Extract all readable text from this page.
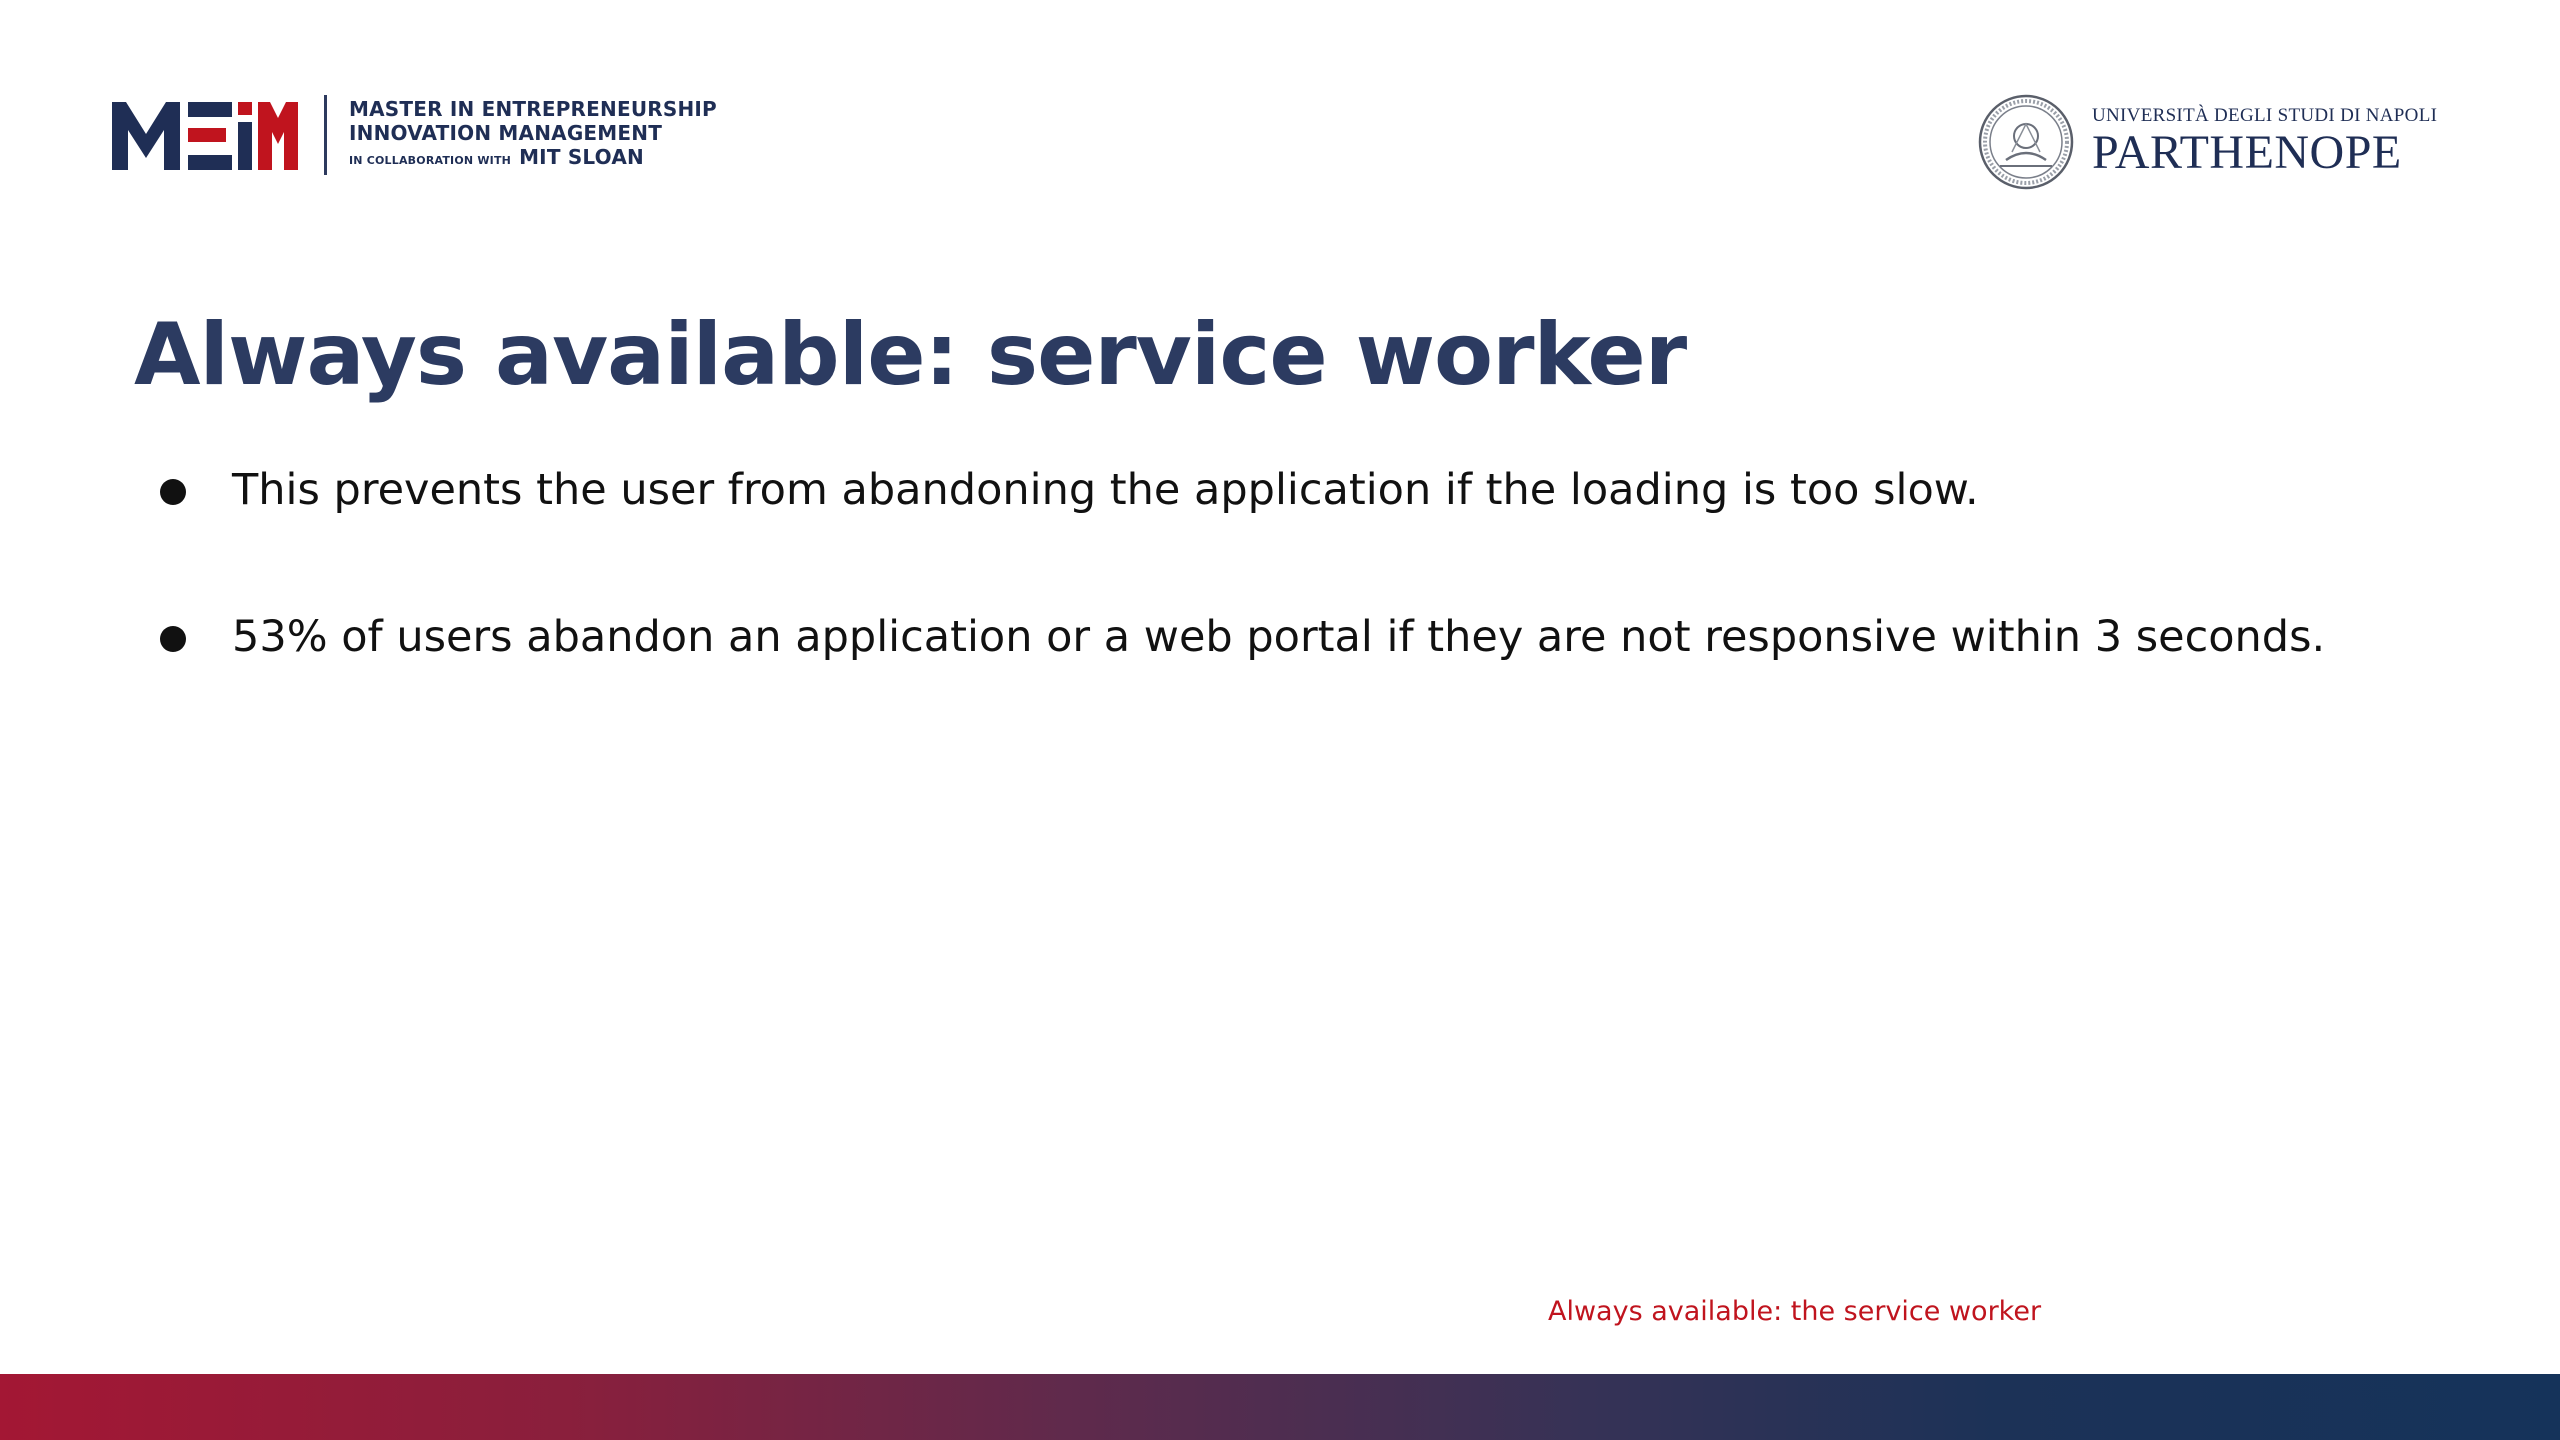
MASTER IN ENTREPRENEURSHIP
INNOVATION MANAGEMENT
IN COLLABORATION WITH MIT SLOAN
UNIVERSITÀ DEGLI STUDI DI NAPOLI
PARTHENOPE
Always available: service worker
This prevents the user from abandoning the application if the loading is too slow.
53% of users abandon an application or a web portal if they are not responsive within 3 seconds.
Always available: the service worker
